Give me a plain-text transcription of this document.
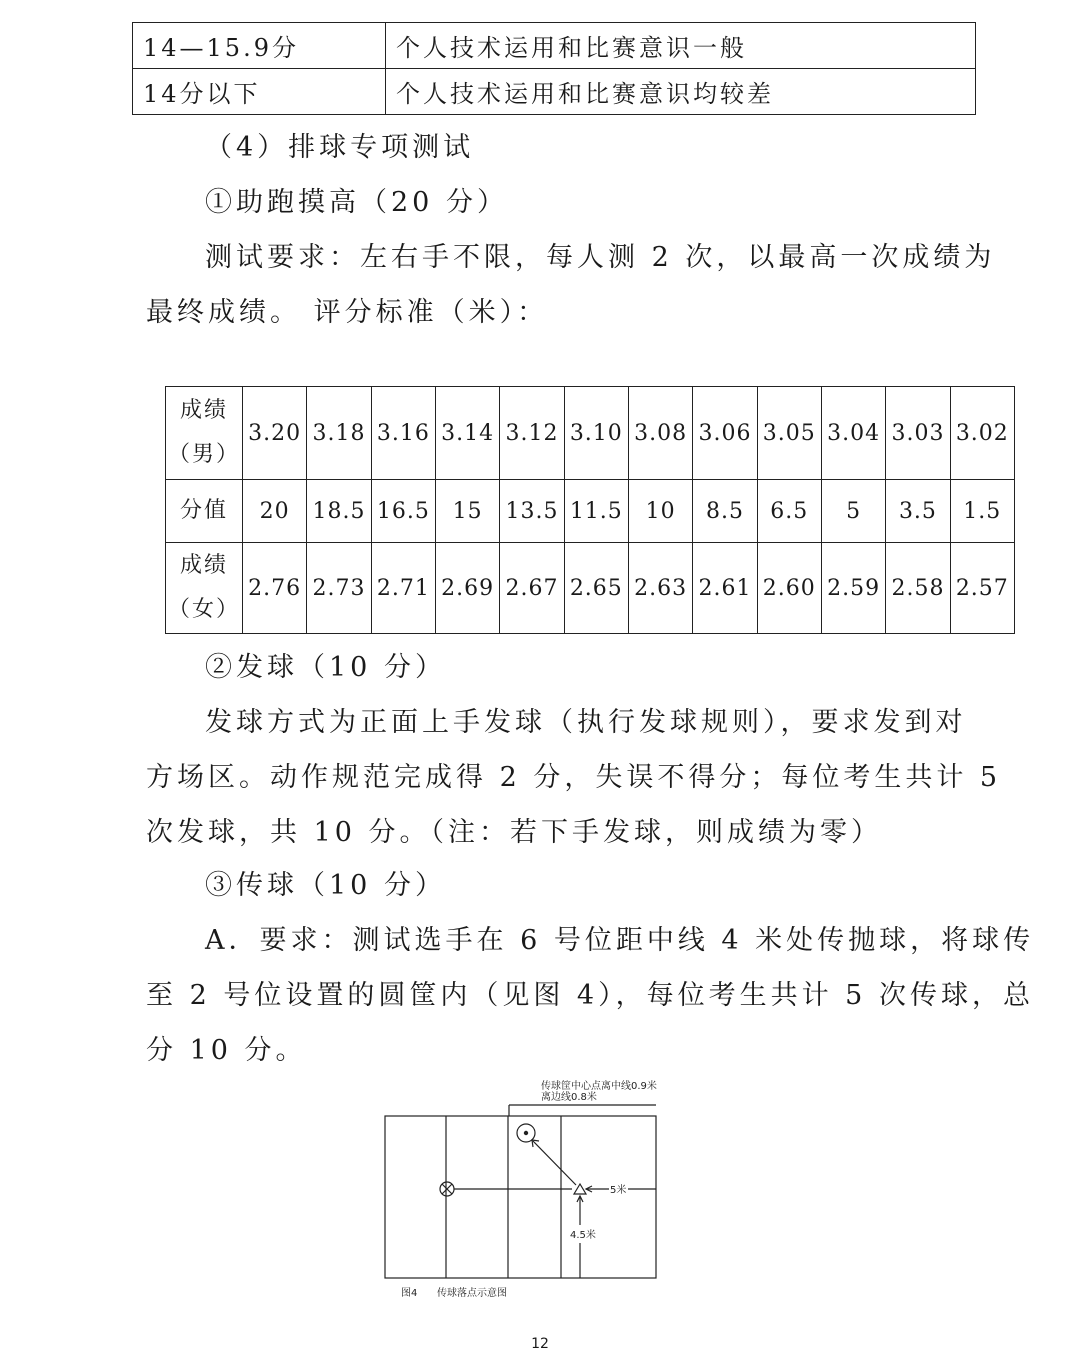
14—15.9分	个人技术运用和比赛意识一般
14分以下	个人技术运用和比赛意识均较差
（4）排球专项测试
①助跑摸高（20 分）
测试要求：左右手不限，每人测 2 次，以最高一次成绩为
最终成绩。 评分标准（米）：
成绩
（男）	3.20	3.18	3.16	3.14	3.12	3.10	3.08	3.06	3.05	3.04	3.03	3.02
分值	20	18.5	16.5	15	13.5	11.5	10	8.5	6.5	5	3.5	1.5

成绩
（女）	2.76	2.73	2.71	2.69	2.67	2.65	2.63	2.61	2.60	2.59	2.58	2.57
②发球（10 分）
发球方式为正面上手发球（执行发球规则），要求发到对
方场区。动作规范完成得 2 分，失误不得分；每位考生共计 5
次发球，共 10 分。（注：若下手发球，则成绩为零）
③传球（10 分）
A．要求：测试选手在 6 号位距中线 4 米处传抛球，将球传
至 2 号位设置的圆筐内（见图 4），每位考生共计 5 次传球，总
分 10 分。
传球筐中心点离中线0.9米
离边线0.8米
5米
4.5米
图4 传球落点示意图
12
